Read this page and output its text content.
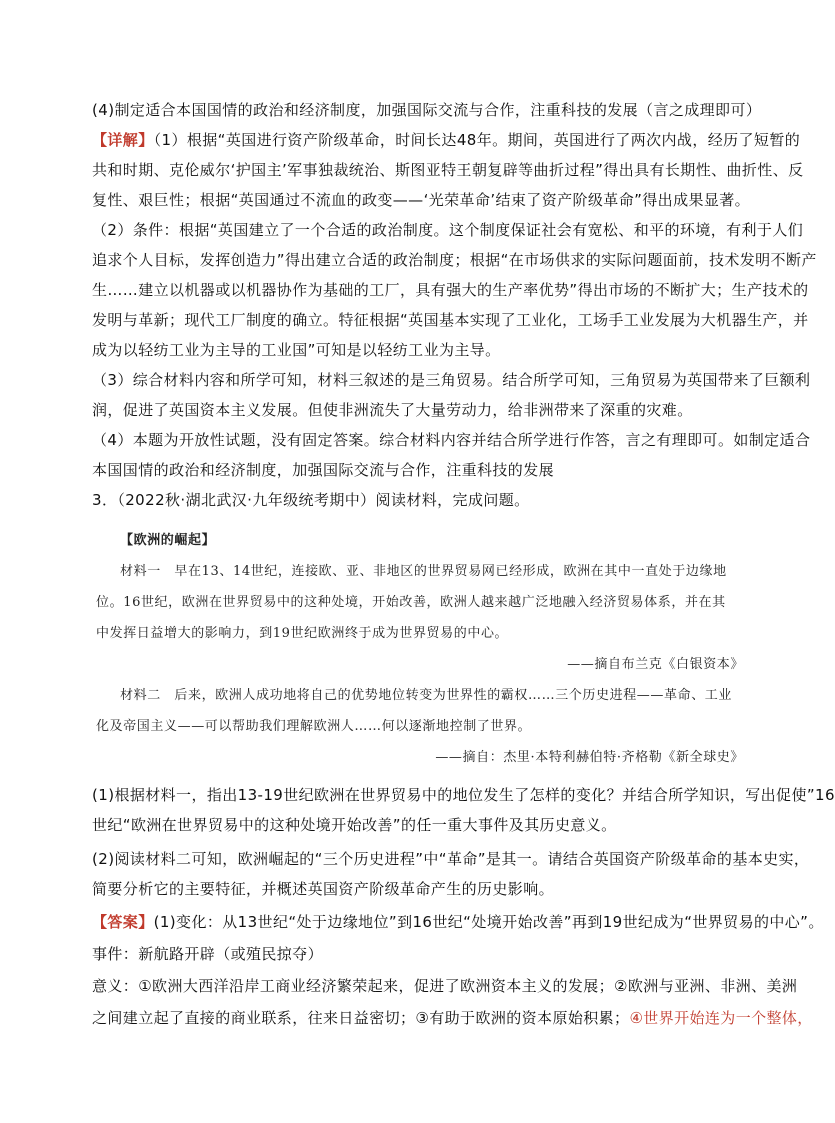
(4)制定适合本国国情的政治和经济制度，加强国际交流与合作，注重科技的发展（言之成理即可）
【详解】（1）根据“英国进行资产阶级革命，时间长达48年。期间，英国进行了两次内战，经历了短暂的
共和时期、克伦威尔‘护国主’军事独裁统治、斯图亚特王朝复辟等曲折过程”得出具有长期性、曲折性、反
复性、艰巨性；根据“英国通过不流血的政变——‘光荣革命’结束了资产阶级革命”得出成果显著。
（2）条件：根据“英国建立了一个合适的政治制度。这个制度保证社会有宽松、和平的环境，有利于人们
追求个人目标，发挥创造力”得出建立合适的政治制度；根据“在市场供求的实际问题面前，技术发明不断产
生……建立以机器或以机器协作为基础的工厂，具有强大的生产率优势”得出市场的不断扩大；生产技术的
发明与革新；现代工厂制度的确立。特征根据“英国基本实现了工业化，工场手工业发展为大机器生产，并
成为以轻纺工业为主导的工业国”可知是以轻纺工业为主导。
（3）综合材料内容和所学可知，材料三叙述的是三角贸易。结合所学可知，三角贸易为英国带来了巨额利
润，促进了英国资本主义发展。但使非洲流失了大量劳动力，给非洲带来了深重的灾难。
（4）本题为开放性试题，没有固定答案。综合材料内容并结合所学进行作答，言之有理即可。如制定适合
本国国情的政治和经济制度，加强国际交流与合作，注重科技的发展
3．（2022秋·湖北武汉·九年级统考期中）阅读材料，完成问题。
【欧洲的崛起】
材料一　早在13、14世纪，连接欧、亚、非地区的世界贸易网已经形成，欧洲在其中一直处于边缘地
位。16世纪，欧洲在世界贸易中的这种处境，开始改善，欧洲人越来越广泛地融入经济贸易体系，并在其
中发挥日益增大的影响力，到19世纪欧洲终于成为世界贸易的中心。
——摘自布兰克《白银资本》
材料二　后来，欧洲人成功地将自己的优势地位转变为世界性的霸权……三个历史进程——革命、工业
化及帝国主义——可以帮助我们理解欧洲人……何以逐渐地控制了世界。
——摘自：杰里·本特利赫伯特·齐格勒《新全球史》
(1)根据材料一，指出13-19世纪欧洲在世界贸易中的地位发生了怎样的变化？并结合所学知识，写出促使”16
世纪“欧洲在世界贸易中的这种处境开始改善”的任一重大事件及其历史意义。
(2)阅读材料二可知，欧洲崛起的“三个历史进程”中“革命”是其一。请结合英国资产阶级革命的基本史实，
简要分析它的主要特征，并概述英国资产阶级革命产生的历史影响。
【答案】(1)变化：从13世纪“处于边缘地位”到16世纪“处境开始改善”再到19世纪成为“世界贸易的中心”。
事件：新航路开辟（或殖民掠夺）
意义：①欧洲大西洋沿岸工商业经济繁荣起来，促进了欧洲资本主义的发展；②欧洲与亚洲、非洲、美洲
之间建立起了直接的商业联系，往来日益密切；③有助于欧洲的资本原始积累；④世界开始连为一个整体，
